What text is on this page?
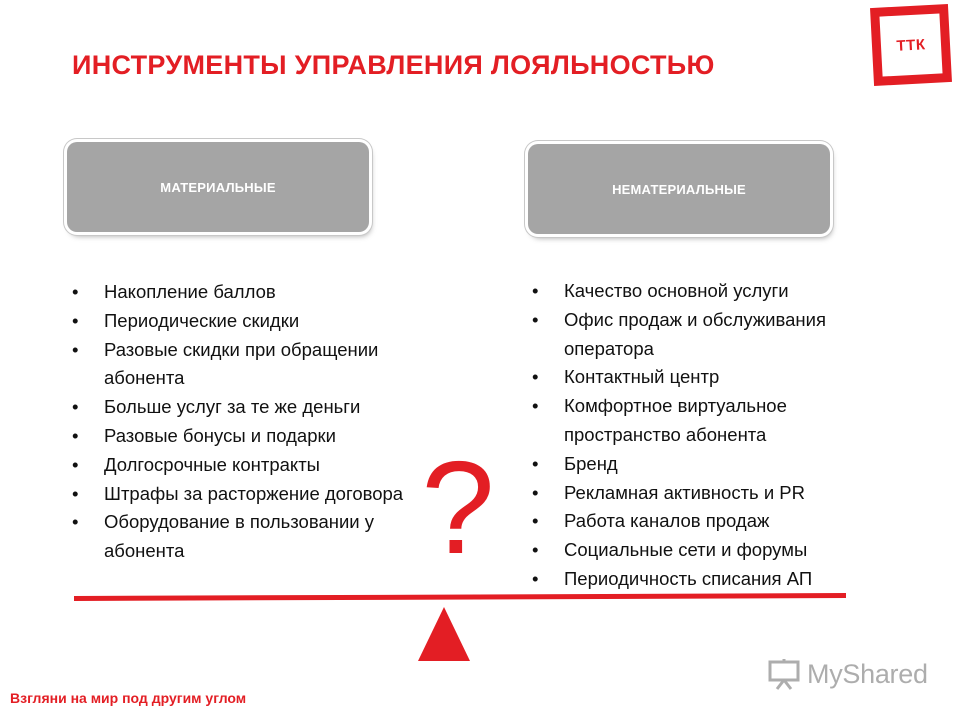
ИНСТРУМЕНТЫ УПРАВЛЕНИЯ ЛОЯЛЬНОСТЬЮ
ТТК
МАТЕРИАЛЬНЫЕ	НЕМАТЕРИАЛЬНЫЕ
• Накопление баллов
• Периодические скидки
• Разовые скидки при обращении абонента
• Больше услуг за те же деньги
• Разовые бонусы и подарки
• Долгосрочные контракты
• Штрафы за расторжение договора
• Оборудование в пользовании у абонента
• Качество основной услуги
• Офис продаж и обслуживания оператора
• Контактный центр
• Комфортное виртуальное пространство абонента
• Бренд
• Рекламная активность и PR
• Работа каналов продаж
• Социальные сети и форумы
• Периодичность списания АП
?
Взгляни на мир под другим углом
MyShared
